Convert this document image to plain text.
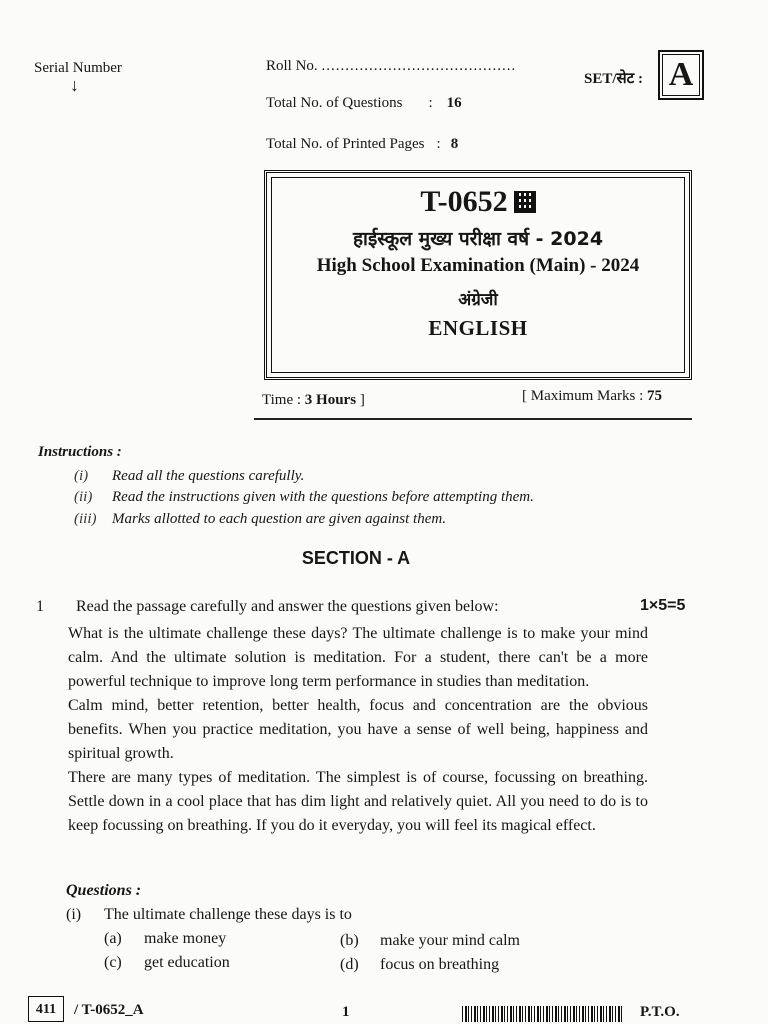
Serial Number
↓
Roll No. .........................................
Total No. of Questions : 16
Total No. of Printed Pages : 8
SET/सेट : A
T-0652
हाईस्कूल मुख्य परीक्षा वर्ष - 2024
High School Examination (Main) - 2024
अंग्रेजी
ENGLISH
Time : 3 Hours ]	[ Maximum Marks : 75
Instructions :
(i) Read all the questions carefully.
(ii) Read the instructions given with the questions before attempting them.
(iii) Marks allotted to each question are given against them.
SECTION - A
1 Read the passage carefully and answer the questions given below:	1×5=5

What is the ultimate challenge these days? The ultimate challenge is to make your mind calm. And the ultimate solution is meditation. For a student, there can't be a more powerful technique to improve long term performance in studies than meditation.

Calm mind, better retention, better health, focus and concentration are the obvious benefits. When you practice meditation, you have a sense of well being, happiness and spiritual growth.

There are many types of meditation. The simplest is of course, focussing on breathing. Settle down in a cool place that has dim light and relatively quiet. All you need to do is to keep focussing on breathing. If you do it everyday, you will feel its magical effect.

Questions :
(i) The ultimate challenge these days is to
(a) make money	(b) make your mind calm
(c) get education	(d) focus on breathing
411	/ T-0652_A	1	P.T.O.
